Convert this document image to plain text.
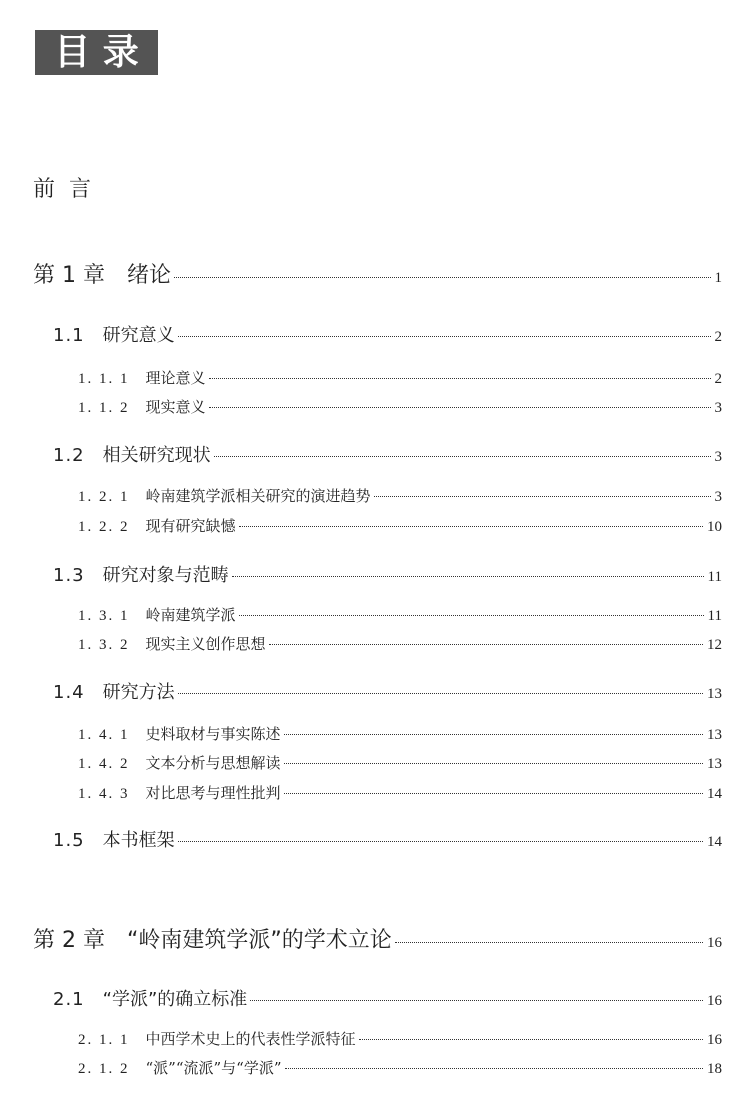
目 录
前言
第 1 章 绪论	1
1.1 研究意义	2
1. 1. 1 理论意义	2
1. 1. 2 现实意义	3
1.2 相关研究现状	3
1. 2. 1 岭南建筑学派相关研究的演进趋势	3
1. 2. 2 现有研究缺憾	10
1.3 研究对象与范畴	11
1. 3. 1 岭南建筑学派	11
1. 3. 2 现实主义创作思想	12
1.4 研究方法	13
1. 4. 1 史料取材与事实陈述	13
1. 4. 2 文本分析与思想解读	13
1. 4. 3 对比思考与理性批判	14
1.5 本书框架	14
第 2 章 “岭南建筑学派”的学术立论	16
2.1 “学派”的确立标准	16
2. 1. 1 中西学术史上的代表性学派特征	16
2. 1. 2 “派”“流派”与“学派”	18
